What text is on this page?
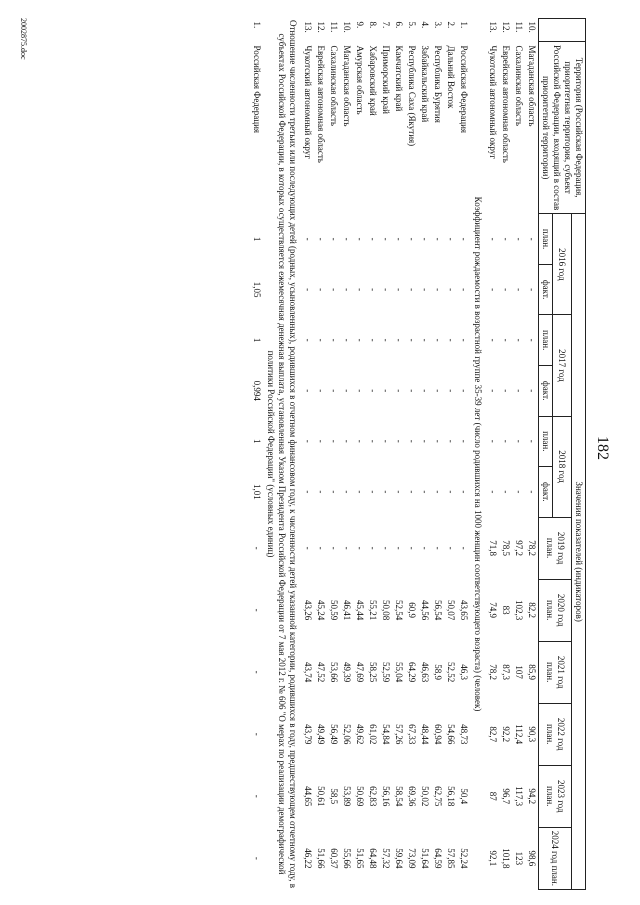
182
	Территория (Российская Федерация, приоритетная территория, субъект Российской Федерации, входящий в состав приоритетной территории)	Значения показателей (индикаторов)											
		2016 год		2017 год		2018 год		2019 год план.	2020 год план.	2021 год план.	2022 год план.	2023 год план.	2024 год план.
		план.	факт.	план.	факт.	план.	факт.						
10.	Магаданская область	-	-	-	-	-	-	78,2	82,2	85,9	90,3	94,2	98,6
11.	Сахалинская область	-	-	-	-	-	-	97,2	102,3	107	112,4	117,3	123
12.	Еврейская автономная область	-	-	-	-	-	-	78,5	83	87,3	92,2	96,7	101,8
13.	Чукотский автономный округ	-	-	-	-	-	-	71,8	74,9	78,2	82,7	87	92,1
Коэффициент рождаемости в возрастной группе 35-39 лет (число родившихся на 1000 женщин соответствующего возраста) (человек)													
1.	Российская Федерация	-	-	-	-	-	-	-	43,65	46,3	48,73	50,4	52,24
2.	Дальний Восток	-	-	-	-	-	-	-	50,07	52,52	54,66	56,18	57,85
3.	Республика Бурятия	-	-	-	-	-	-	-	56,54	58,9	60,94	62,75	64,59
4.	Забайкальский край	-	-	-	-	-	-	-	44,56	46,63	48,44	50,02	51,64
5.	Республика Саха (Якутия)	-	-	-	-	-	-	-	60,9	64,29	67,33	69,36	73,09
6.	Камчатский край	-	-	-	-	-	-	-	52,54	55,04	57,26	58,54	59,64
7.	Приморский край	-	-	-	-	-	-	-	50,08	52,59	54,84	56,16	57,32
8.	Хабаровский край	-	-	-	-	-	-	-	55,21	58,25	61,02	62,83	64,48
9.	Амурская область	-	-	-	-	-	-	-	45,44	47,69	49,62	50,69	51,65
10.	Магаданская область	-	-	-	-	-	-	-	46,41	49,39	52,06	53,89	55,66
11.	Сахалинская область	-	-	-	-	-	-	-	50,59	53,66	56,49	58,5	60,37
12.	Еврейская автономная область	-	-	-	-	-	-	-	45,24	47,52	49,49	50,61	51,66
13.	Чукотский автономный округ	-	-	-	-	-	-	-	43,26	43,74	43,79	44,65	46,22
Отношение численности третьих или последующих детей (родных, усыновленных), родившихся в отчетном финансовом году, к численности детей указанной категории, родившихся в году, предшествующем отчетному году, в субъектах Российской Федерации, в которых осуществляется ежемесячная денежная выплата, установленная Указом Президента Российской Федерации от 7 мая 2012 г. № 606 "О мерах по реализации демографической политики Российской Федерации" (условных единиц)													
1.	Российская Федерация	1	1,05	1	0,994	1	1,01	-	-	-	-	-	-
2002875.doc
